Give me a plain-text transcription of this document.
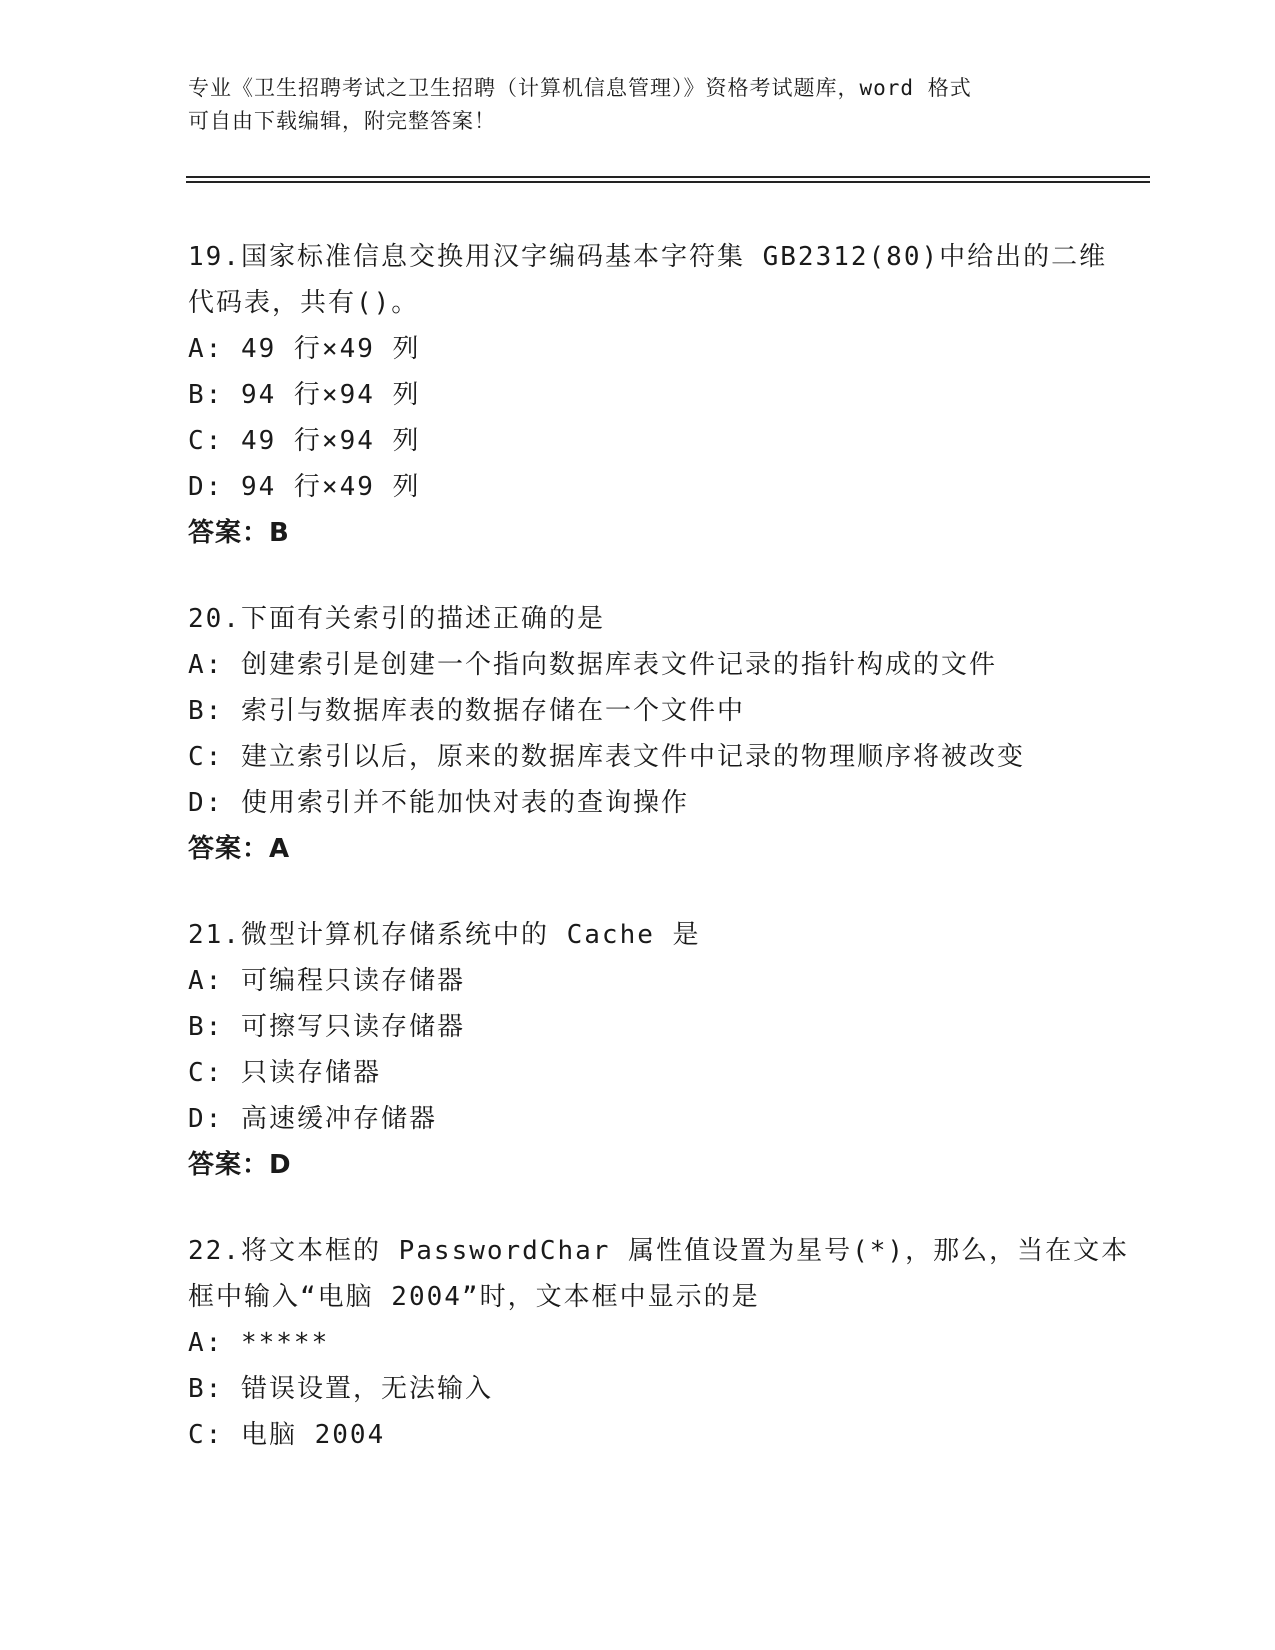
专业《卫生招聘考试之卫生招聘（计算机信息管理）》资格考试题库，word 格式
可自由下载编辑，附完整答案！
19.国家标准信息交换用汉字编码基本字符集 GB2312(80)中给出的二维
代码表，共有()。
A: 49 行×49 列
B: 94 行×94 列
C: 49 行×94 列
D: 94 行×49 列
答案：B
20.下面有关索引的描述正确的是
A: 创建索引是创建一个指向数据库表文件记录的指针构成的文件
B: 索引与数据库表的数据存储在一个文件中
C: 建立索引以后，原来的数据库表文件中记录的物理顺序将被改变
D: 使用索引并不能加快对表的查询操作
答案：A
21.微型计算机存储系统中的 Cache 是
A: 可编程只读存储器
B: 可擦写只读存储器
C: 只读存储器
D: 高速缓冲存储器
答案：D
22.将文本框的 PasswordChar 属性值设置为星号(*)，那么，当在文本
框中输入“电脑 2004”时，文本框中显示的是
A: *****
B: 错误设置，无法输入
C: 电脑 2004
